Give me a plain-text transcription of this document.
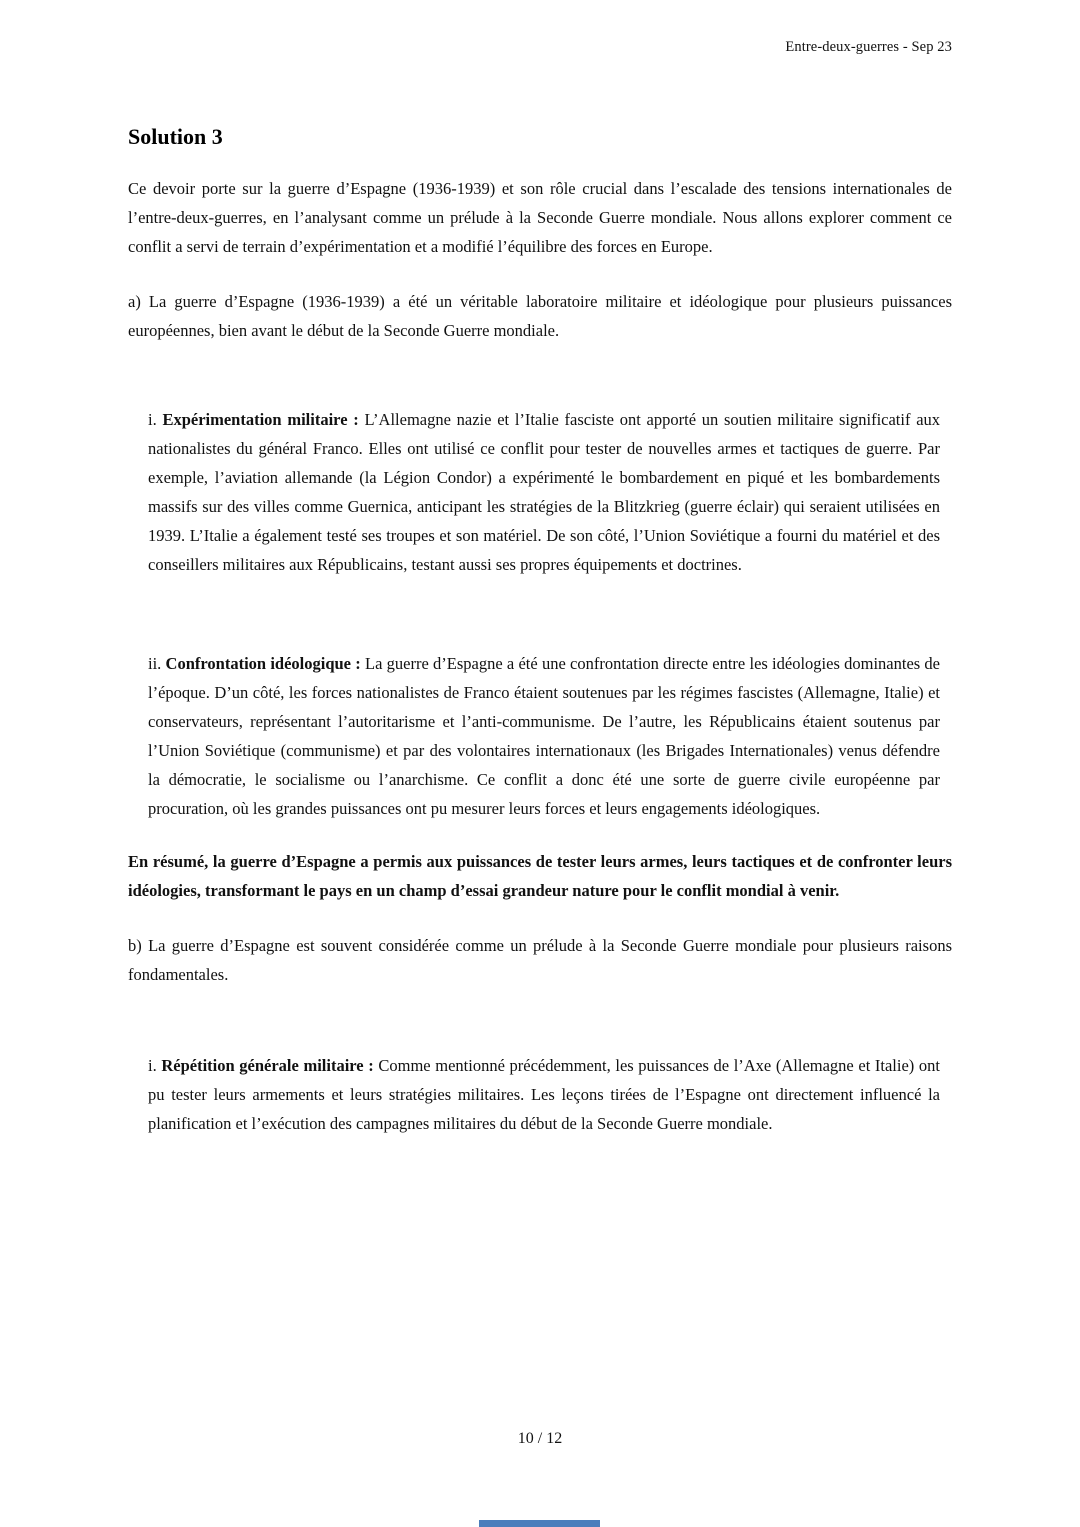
Entre-deux-guerres - Sep 23
Solution 3

Ce devoir porte sur la guerre d’Espagne (1936-1939) et son rôle crucial dans l’escalade des tensions internationales de l’entre-deux-guerres, en l’analysant comme un prélude à la Seconde Guerre mondiale. Nous allons explorer comment ce conflit a servi de terrain d’expérimentation et a modifié l’équilibre des forces en Europe.

a) La guerre d’Espagne (1936-1939) a été un véritable laboratoire militaire et idéologique pour plusieurs puissances européennes, bien avant le début de la Seconde Guerre mondiale.

i. Expérimentation militaire : L’Allemagne nazie et l’Italie fasciste ont apporté un soutien militaire significatif aux nationalistes du général Franco. Elles ont utilisé ce conflit pour tester de nouvelles armes et tactiques de guerre. Par exemple, l’aviation allemande (la Légion Condor) a expérimenté le bombardement en piqué et les bombardements massifs sur des villes comme Guernica, anticipant les stratégies de la Blitzkrieg (guerre éclair) qui seraient utilisées en 1939. L’Italie a également testé ses troupes et son matériel. De son côté, l’Union Soviétique a fourni du matériel et des conseillers militaires aux Républicains, testant aussi ses propres équipements et doctrines.

ii. Confrontation idéologique : La guerre d’Espagne a été une confrontation directe entre les idéologies dominantes de l’époque. D’un côté, les forces nationalistes de Franco étaient soutenues par les régimes fascistes (Allemagne, Italie) et conservateurs, représentant l’autoritarisme et l’anti-communisme. De l’autre, les Républicains étaient soutenus par l’Union Soviétique (communisme) et par des volontaires internationaux (les Brigades Internationales) venus défendre la démocratie, le socialisme ou l’anarchisme. Ce conflit a donc été une sorte de guerre civile européenne par procuration, où les grandes puissances ont pu mesurer leurs forces et leurs engagements idéologiques.

En résumé, la guerre d’Espagne a permis aux puissances de tester leurs armes, leurs tactiques et de confronter leurs idéologies, transformant le pays en un champ d’essai grandeur nature pour le conflit mondial à venir.

b) La guerre d’Espagne est souvent considérée comme un prélude à la Seconde Guerre mondiale pour plusieurs raisons fondamentales.

i. Répétition générale militaire : Comme mentionné précédemment, les puissances de l’Axe (Allemagne et Italie) ont pu tester leurs armements et leurs stratégies militaires. Les leçons tirées de l’Espagne ont directement influencé la planification et l’exécution des campagnes militaires du début de la Seconde Guerre mondiale.

10 / 12
